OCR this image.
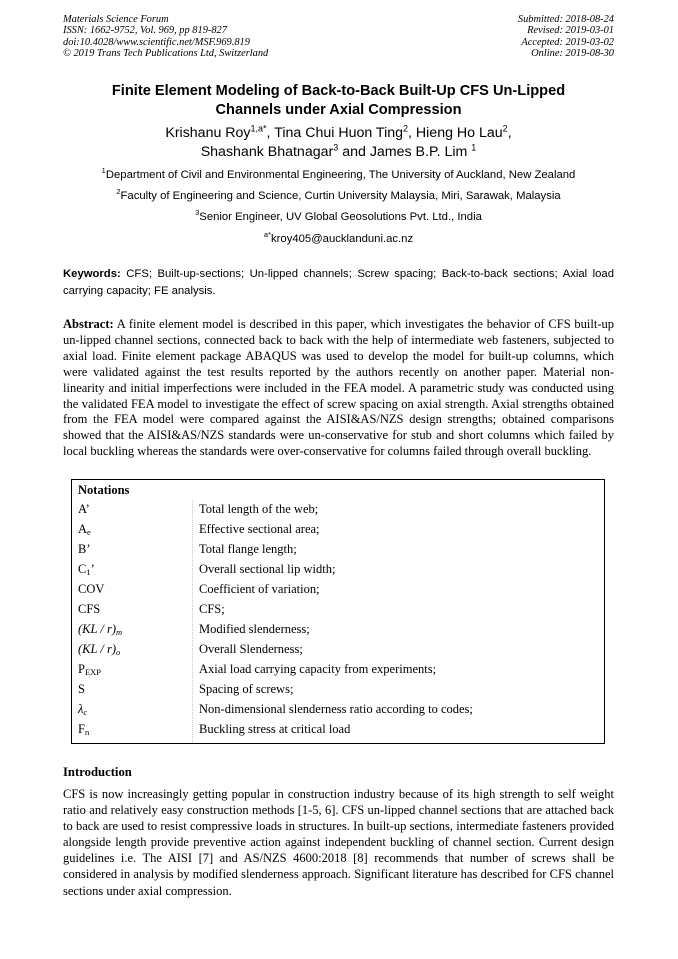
Materials Science Forum
ISSN: 1662-9752, Vol. 969, pp 819-827
doi:10.4028/www.scientific.net/MSF.969.819
© 2019 Trans Tech Publications Ltd, Switzerland
Submitted: 2018-08-24
Revised: 2019-03-01
Accepted: 2019-03-02
Online: 2019-08-30
Finite Element Modeling of Back-to-Back Built-Up CFS Un-Lipped
Channels under Axial Compression
Krishanu Roy$^{1,a*}$, Tina Chui Huon Ting$^2$, Hieng Ho Lau$^2$,
Shashank Bhatnagar$^3$ and James B.P. Lim $^1$
$^1$Department of Civil and Environmental Engineering, The University of Auckland, New Zealand
$^2$Faculty of Engineering and Science, Curtin University Malaysia, Miri, Sarawak, Malaysia
$^3$Senior Engineer, UV Global Geosolutions Pvt. Ltd., India
$^{a*}$kroy405@aucklanduni.ac.nz
Keywords: CFS; Built-up-sections; Un-lipped channels; Screw spacing; Back-to-back sections; Axial load carrying capacity; FE analysis.
Abstract: A finite element model is described in this paper, which investigates the behavior of CFS built-up un-lipped channel sections, connected back to back with the help of intermediate web fasteners, subjected to axial load. Finite element package ABAQUS was used to develop the model for built-up columns, which were validated against the test results reported by the authors recently on another paper. Material non-linearity and initial imperfections were included in the FEA model. A parametric study was conducted using the validated FEA model to investigate the effect of screw spacing on axial strength. Axial strengths obtained from the FEA model were compared against the AISI&AS/NZS design strengths; obtained comparisons showed that the AISI&AS/NZS standards were un-conservative for stub and short columns which failed by local buckling whereas the standards were over-conservative for columns failed through overall buckling.
Notations
A’	Total length of the web;
$A_e$	Effective sectional area;
B’	Total flange length;
$C_1$’	Overall sectional lip width;
COV	Coefficient of variation;
CFS	CFS;
$(KL / r)_m$	Modified slenderness;
$(KL / r)_o$	Overall Slenderness;
$P_{EXP}$	Axial load carrying capacity from experiments;
S	Spacing of screws;
$\lambda_c$	Non-dimensional slenderness ratio according to codes;
$F_n$	Buckling stress at critical load
Introduction
CFS is now increasingly getting popular in construction industry because of its high strength to self weight ratio and relatively easy construction methods [1-5, 6]. CFS un-lipped channel sections that are attached back to back are used to resist compressive loads in structures. In built-up sections, intermediate fasteners provided alongside length provide preventive action against independent buckling of channel section. Current design guidelines i.e. The AISI [7] and AS/NZS 4600:2018 [8] recommends that number of screws shall be considered in analysis by modified slenderness approach. Significant literature has described for CFS channel sections under axial compression.
